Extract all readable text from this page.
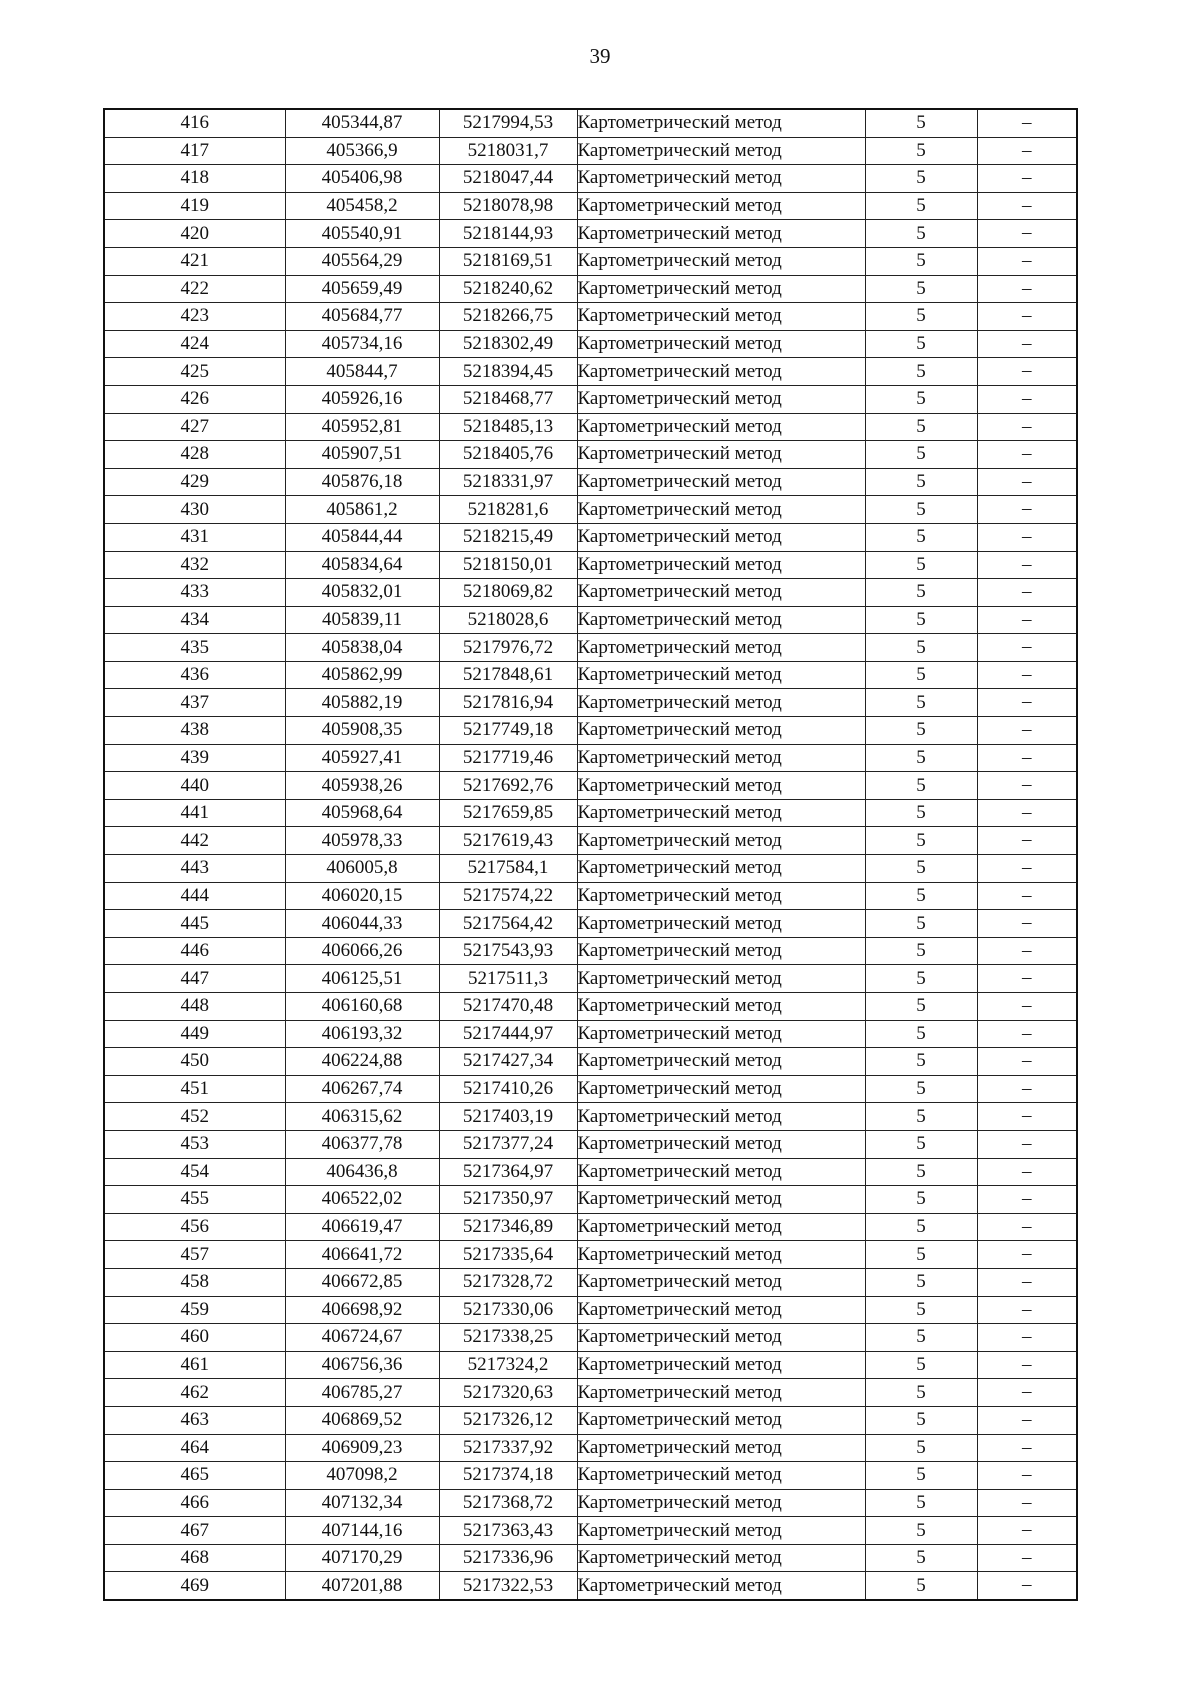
39
416	405344,87	5217994,53	Картометрический метод	5	–
417	405366,9	5218031,7	Картометрический метод	5	–
418	405406,98	5218047,44	Картометрический метод	5	–
419	405458,2	5218078,98	Картометрический метод	5	–
420	405540,91	5218144,93	Картометрический метод	5	–
421	405564,29	5218169,51	Картометрический метод	5	–
422	405659,49	5218240,62	Картометрический метод	5	–
423	405684,77	5218266,75	Картометрический метод	5	–
424	405734,16	5218302,49	Картометрический метод	5	–
425	405844,7	5218394,45	Картометрический метод	5	–
426	405926,16	5218468,77	Картометрический метод	5	–
427	405952,81	5218485,13	Картометрический метод	5	–
428	405907,51	5218405,76	Картометрический метод	5	–
429	405876,18	5218331,97	Картометрический метод	5	–
430	405861,2	5218281,6	Картометрический метод	5	–
431	405844,44	5218215,49	Картометрический метод	5	–
432	405834,64	5218150,01	Картометрический метод	5	–
433	405832,01	5218069,82	Картометрический метод	5	–
434	405839,11	5218028,6	Картометрический метод	5	–
435	405838,04	5217976,72	Картометрический метод	5	–
436	405862,99	5217848,61	Картометрический метод	5	–
437	405882,19	5217816,94	Картометрический метод	5	–
438	405908,35	5217749,18	Картометрический метод	5	–
439	405927,41	5217719,46	Картометрический метод	5	–
440	405938,26	5217692,76	Картометрический метод	5	–
441	405968,64	5217659,85	Картометрический метод	5	–
442	405978,33	5217619,43	Картометрический метод	5	–
443	406005,8	5217584,1	Картометрический метод	5	–
444	406020,15	5217574,22	Картометрический метод	5	–
445	406044,33	5217564,42	Картометрический метод	5	–
446	406066,26	5217543,93	Картометрический метод	5	–
447	406125,51	5217511,3	Картометрический метод	5	–
448	406160,68	5217470,48	Картометрический метод	5	–
449	406193,32	5217444,97	Картометрический метод	5	–
450	406224,88	5217427,34	Картометрический метод	5	–
451	406267,74	5217410,26	Картометрический метод	5	–
452	406315,62	5217403,19	Картометрический метод	5	–
453	406377,78	5217377,24	Картометрический метод	5	–
454	406436,8	5217364,97	Картометрический метод	5	–
455	406522,02	5217350,97	Картометрический метод	5	–
456	406619,47	5217346,89	Картометрический метод	5	–
457	406641,72	5217335,64	Картометрический метод	5	–
458	406672,85	5217328,72	Картометрический метод	5	–
459	406698,92	5217330,06	Картометрический метод	5	–
460	406724,67	5217338,25	Картометрический метод	5	–
461	406756,36	5217324,2	Картометрический метод	5	–
462	406785,27	5217320,63	Картометрический метод	5	–
463	406869,52	5217326,12	Картометрический метод	5	–
464	406909,23	5217337,92	Картометрический метод	5	–
465	407098,2	5217374,18	Картометрический метод	5	–
466	407132,34	5217368,72	Картометрический метод	5	–
467	407144,16	5217363,43	Картометрический метод	5	–
468	407170,29	5217336,96	Картометрический метод	5	–
469	407201,88	5217322,53	Картометрический метод	5	–
